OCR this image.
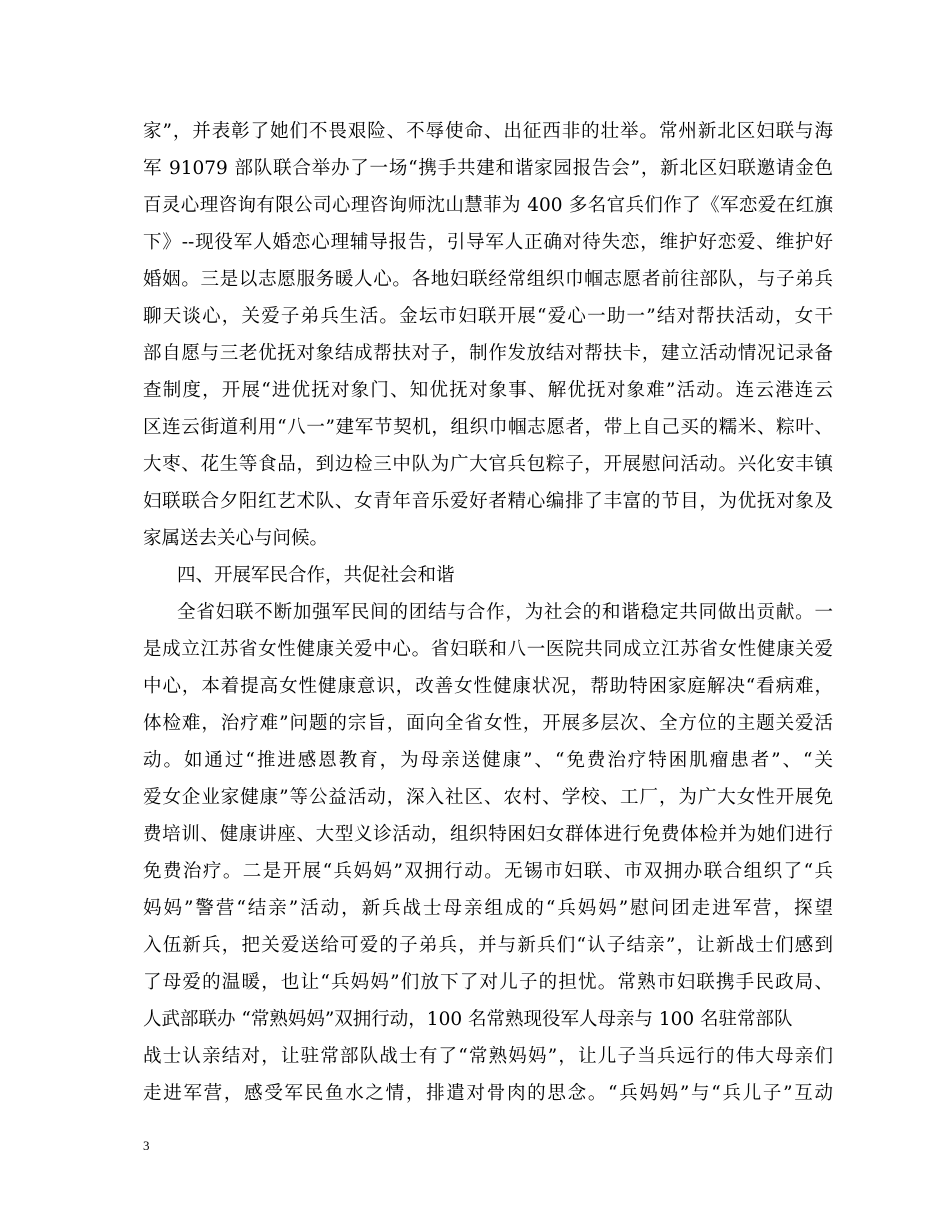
家”，并表彰了她们不畏艰险、不辱使命、出征西非的壮举。常州新北区妇联与海
军 91079 部队联合举办了一场“携手共建和谐家园报告会”，新北区妇联邀请金色
百灵心理咨询有限公司心理咨询师沈山慧菲为 400 多名官兵们作了《军恋爱在红旗
下》--现役军人婚恋心理辅导报告，引导军人正确对待失恋，维护好恋爱、维护好
婚姻。三是以志愿服务暖人心。各地妇联经常组织巾帼志愿者前往部队，与子弟兵
聊天谈心，关爱子弟兵生活。金坛市妇联开展“爱心一助一”结对帮扶活动，女干
部自愿与三老优抚对象结成帮扶对子，制作发放结对帮扶卡，建立活动情况记录备
查制度，开展“进优抚对象门、知优抚对象事、解优抚对象难”活动。连云港连云
区连云街道利用“八一”建军节契机，组织巾帼志愿者，带上自己买的糯米、粽叶、
大枣、花生等食品，到边检三中队为广大官兵包粽子，开展慰问活动。兴化安丰镇
妇联联合夕阳红艺术队、女青年音乐爱好者精心编排了丰富的节目，为优抚对象及
家属送去关心与问候。
四、开展军民合作，共促社会和谐
全省妇联不断加强军民间的团结与合作，为社会的和谐稳定共同做出贡献。一
是成立江苏省女性健康关爱中心。省妇联和八一医院共同成立江苏省女性健康关爱
中心，本着提高女性健康意识，改善女性健康状况，帮助特困家庭解决“看病难，
体检难，治疗难”问题的宗旨，面向全省女性，开展多层次、全方位的主题关爱活
动。如通过“推进感恩教育，为母亲送健康”、“免费治疗特困肌瘤患者”、“关
爱女企业家健康”等公益活动，深入社区、农村、学校、工厂，为广大女性开展免
费培训、健康讲座、大型义诊活动，组织特困妇女群体进行免费体检并为她们进行
免费治疗。二是开展“兵妈妈”双拥行动。无锡市妇联、市双拥办联合组织了“兵
妈妈”警营“结亲”活动，新兵战士母亲组成的“兵妈妈”慰问团走进军营，探望
入伍新兵，把关爱送给可爱的子弟兵，并与新兵们“认子结亲”，让新战士们感到
了母爱的温暖，也让“兵妈妈”们放下了对儿子的担忧。常熟市妇联携手民政局、
人武部联办 “常熟妈妈”双拥行动，100 名常熟现役军人母亲与 100 名驻常部队
战士认亲结对，让驻常部队战士有了“常熟妈妈”，让儿子当兵远行的伟大母亲们
走进军营，感受军民鱼水之情，排遣对骨肉的思念。“兵妈妈”与“兵儿子”互动
3
